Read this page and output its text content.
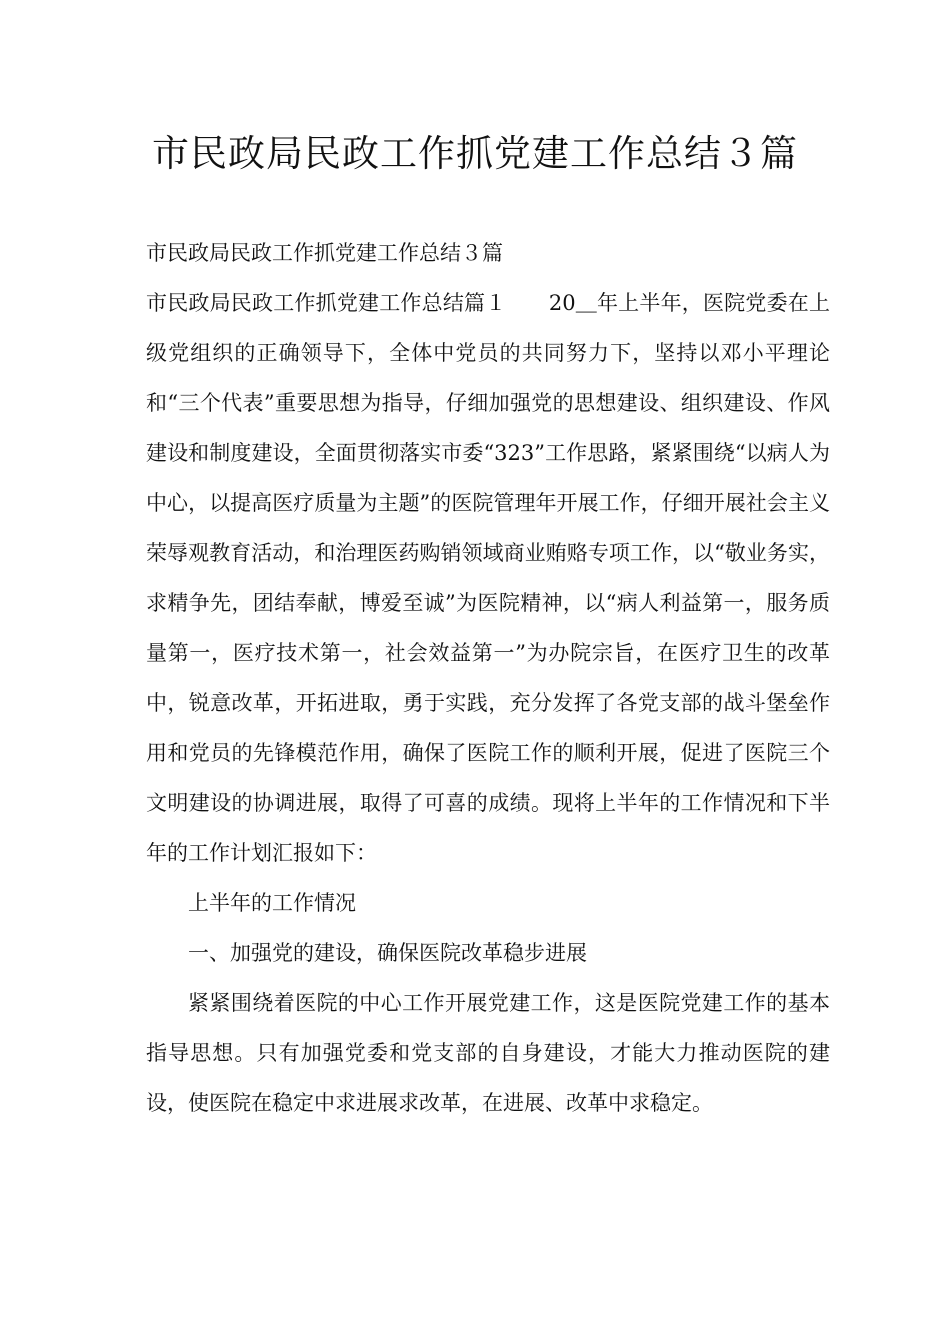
市民政局民政工作抓党建工作总结３篇

市民政局民政工作抓党建工作总结３篇

市民政局民政工作抓党建工作总结篇１　　20＿年上半年，医院党委在上级党组织的正确领导下，全体中党员的共同努力下，坚持以邓小平理论和“三个代表”重要思想为指导，仔细加强党的思想建设、组织建设、作风建设和制度建设，全面贯彻落实市委“323”工作思路，紧紧围绕“以病人为中心，以提高医疗质量为主题”的医院管理年开展工作，仔细开展社会主义荣辱观教育活动，和治理医药购销领域商业贿赂专项工作，以“敬业务实，求精争先，团结奉献，博爱至诚”为医院精神，以“病人利益第一，服务质量第一，医疗技术第一，社会效益第一”为办院宗旨，在医疗卫生的改革中，锐意改革，开拓进取，勇于实践，充分发挥了各党支部的战斗堡垒作用和党员的先锋模范作用，确保了医院工作的顺利开展，促进了医院三个文明建设的协调进展，取得了可喜的成绩。现将上半年的工作情况和下半年的工作计划汇报如下：

上半年的工作情况

一、加强党的建设，确保医院改革稳步进展

紧紧围绕着医院的中心工作开展党建工作，这是医院党建工作的基本指导思想。只有加强党委和党支部的自身建设，才能大力推动医院的建设，使医院在稳定中求进展求改革，在进展、改革中求稳定。
